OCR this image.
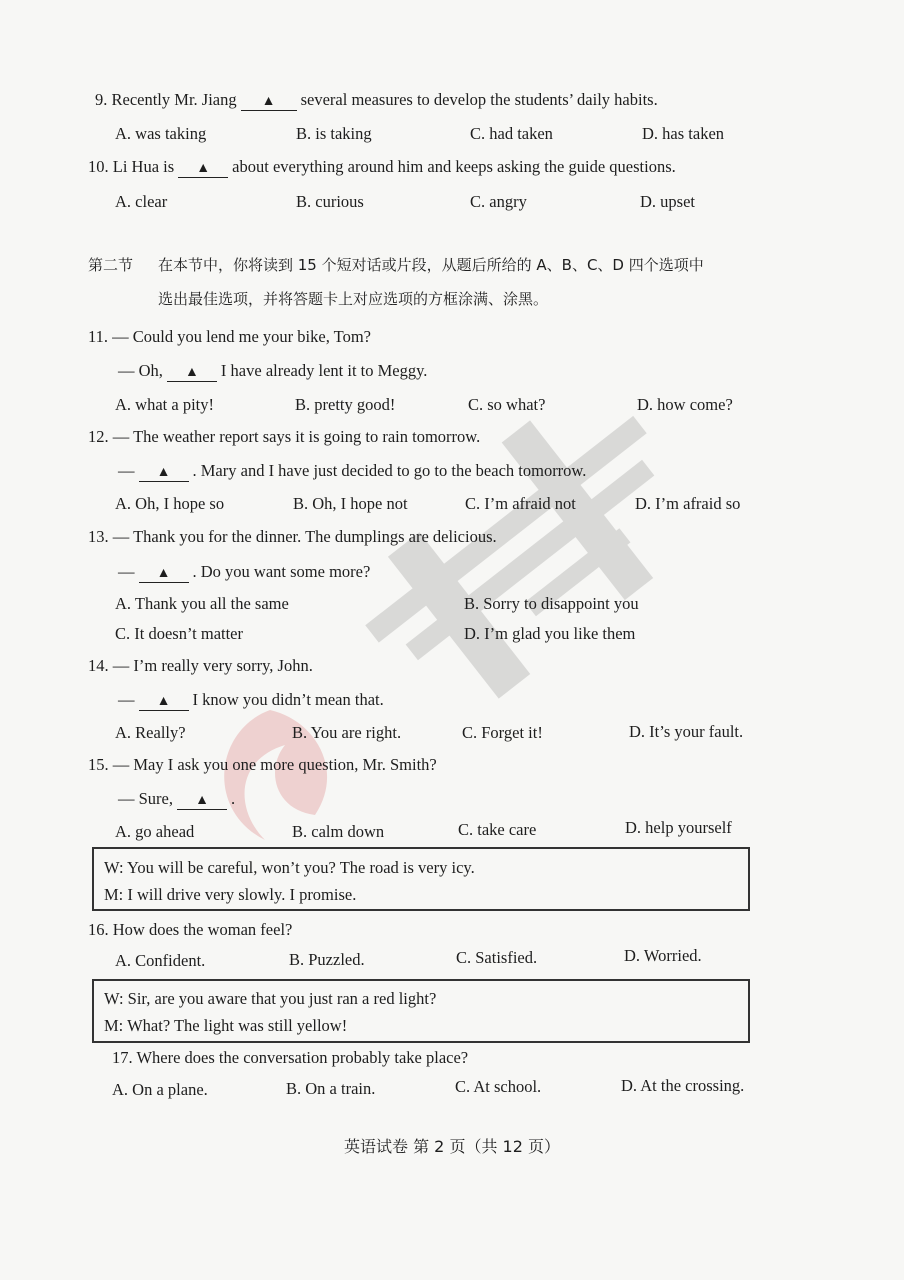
9. Recently Mr. Jiang ▲ several measures to develop the students’ daily habits.
A. was taking	B. is taking	C. had taken	D. has taken
10. Li Hua is ▲ about everything around him and keeps asking the guide questions.
A. clear	B. curious	C. angry	D. upset
第二节 在本节中，你将读到 15 个短对话或片段，从题后所给的 A、B、C、D 四个选项中
选出最佳选项，并将答题卡上对应选项的方框涂满、涂黑。
11. — Could you lend me your bike, Tom?
— Oh, ▲ I have already lent it to Meggy.
A. what a pity!	B. pretty good!	C. so what?	D. how come?
12. — The weather report says it is going to rain tomorrow.
— ▲ . Mary and I have just decided to go to the beach tomorrow.
A. Oh, I hope so	B. Oh, I hope not	C. I’m afraid not	D. I’m afraid so
13. — Thank you for the dinner. The dumplings are delicious.
— ▲ . Do you want some more?
A. Thank you all the same	B. Sorry to disappoint you
C. It doesn’t matter	D. I’m glad you like them
14. — I’m really very sorry, John.
— ▲ I know you didn’t mean that.
A. Really?	B. You are right.	C. Forget it!	D. It’s your fault.
15. — May I ask you one more question, Mr. Smith?
— Sure, ▲ .
A. go ahead	B. calm down	C. take care	D. help yourself
W: You will be careful, won’t you? The road is very icy.
M: I will drive very slowly. I promise.
16. How does the woman feel?
A. Confident.	B. Puzzled.	C. Satisfied.	D. Worried.
W: Sir, are you aware that you just ran a red light?
M: What? The light was still yellow!
17. Where does the conversation probably take place?
A. On a plane.	B. On a train.	C. At school.	D. At the crossing.
英语试卷 第 2 页（共 12 页）
